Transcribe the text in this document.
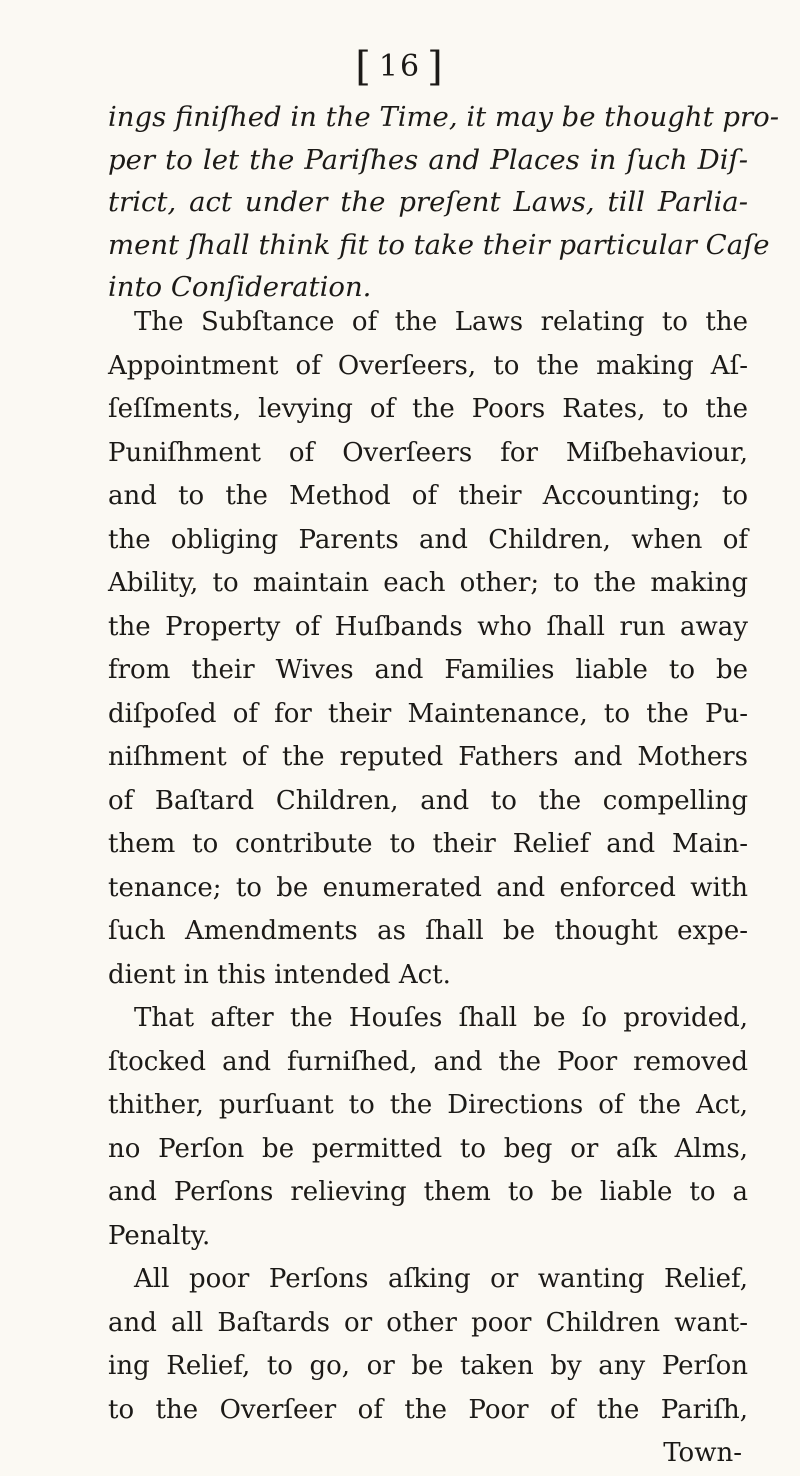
[ 16 ]
ings finiſhed in the Time, it may be thought pro-
per to let the Pariſhes and Places in ſuch Diſ-
trict, act under the preſent Laws, till Parlia-
ment ſhall think fit to take their particular Caſe
into Conſideration.
The Subſtance of the Laws relating to the
Appointment of Overſeers, to the making Aſ-
ſeſſments, levying of the Poors Rates, to the
Puniſhment of Overſeers for Miſbehaviour,
and to the Method of their Accounting; to
the obliging Parents and Children, when of
Ability, to maintain each other; to the making
the Property of Huſbands who ſhall run away
from their Wives and Families liable to be
diſpoſed of for their Maintenance, to the Pu-
niſhment of the reputed Fathers and Mothers
of Baſtard Children, and to the compelling
them to contribute to their Relief and Main-
tenance; to be enumerated and enforced with
ſuch Amendments as ſhall be thought expe-
dient in this intended Act.
That after the Houſes ſhall be ſo provided,
ſtocked and furniſhed, and the Poor removed
thither, purſuant to the Directions of the Act,
no Perſon be permitted to beg or aſk Alms,
and Perſons relieving them to be liable to a
Penalty.
All poor Perſons aſking or wanting Relief,
and all Baſtards or other poor Children want-
ing Relief, to go, or be taken by any Perſon
to the Overſeer of the Poor of the Pariſh,
Town-
